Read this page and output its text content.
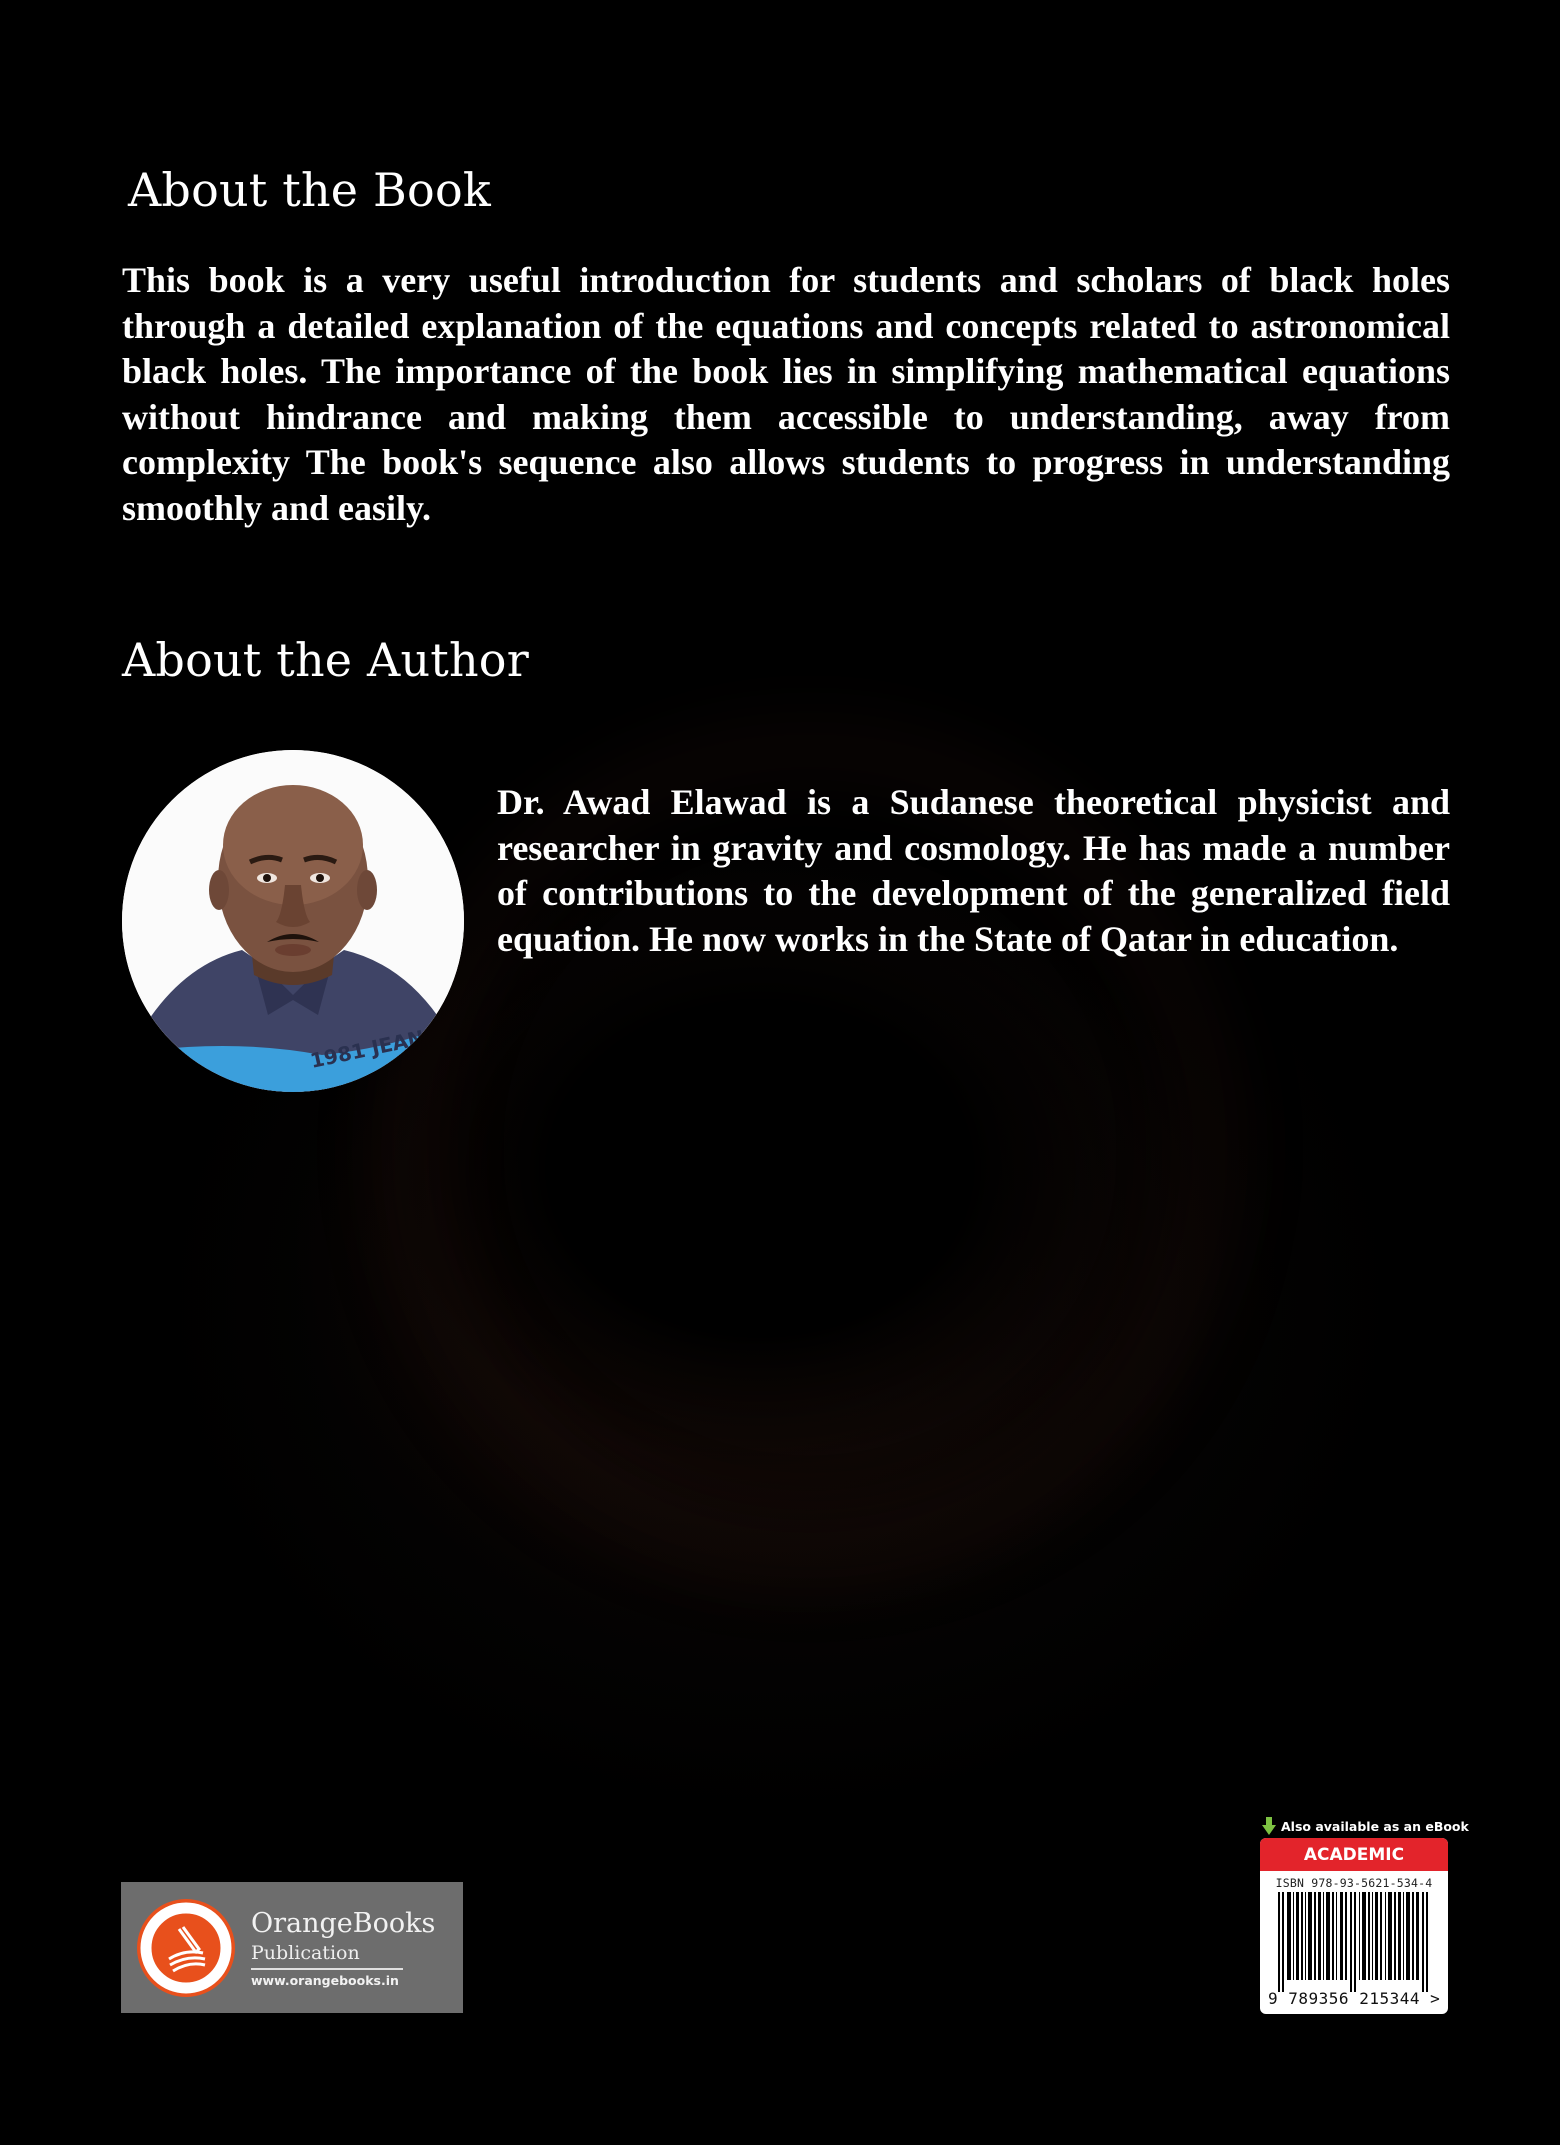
About the Book

This book is a very useful introduction for students and scholars of black holes through a detailed explanation of the equations and concepts related to astronomical black holes. The importance of the book lies in simplifying mathematical equations without hindrance and making them accessible to understanding, away from complexity The book's sequence also allows students to progress in understanding smoothly and easily.

About the Author
1981 JEANS

Dr. Awad Elawad is a Sudanese theoretical physicist and researcher in gravity and cosmology. He has made a number of contributions to the development of the generalized field equation. He now works in the State of Qatar in education.

OrangeBooks
Publication
www.orangebooks.in
Also available as an eBook
ACADEMIC
ISBN 978-93-5621-534-4
9 789356 215344 >
